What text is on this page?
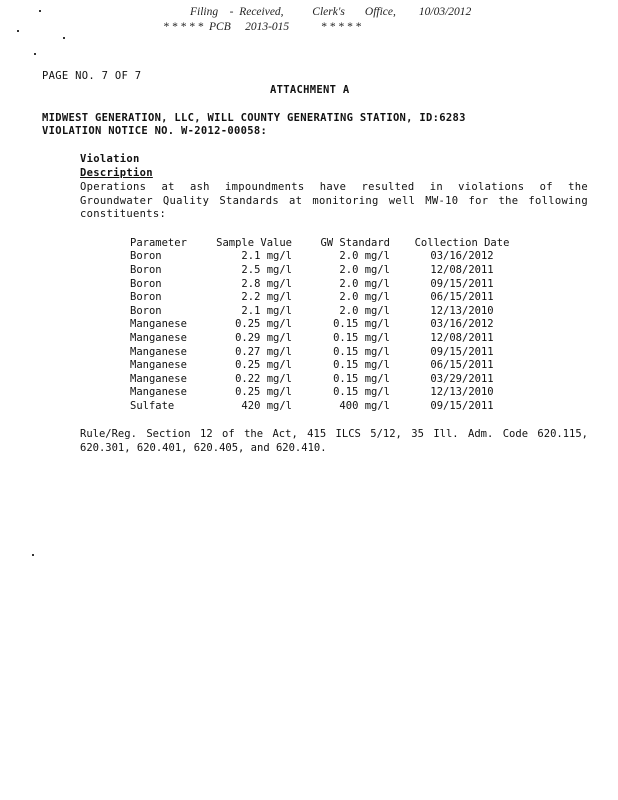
Filing    -  Received,          Clerk's       Office,        10/03/2012
* * * * *  PCB     2013-015           * * * * *
PAGE NO. 7 OF 7
ATTACHMENT A
MIDWEST GENERATION, LLC, WILL COUNTY GENERATING STATION, ID:6283
VIOLATION NOTICE NO. W-2012-00058:
Violation
Description
Operations at ash impoundments have resulted in violations of the Groundwater Quality Standards at monitoring well MW-10 for the following constituents:
Parameter	Sample Value	GW Standard	Collection Date
Boron	2.1 mg/l	2.0 mg/l	03/16/2012
Boron	2.5 mg/l	2.0 mg/l	12/08/2011
Boron	2.8 mg/l	2.0 mg/l	09/15/2011
Boron	2.2 mg/l	2.0 mg/l	06/15/2011
Boron	2.1 mg/l	2.0 mg/l	12/13/2010
Manganese	0.25 mg/l	0.15 mg/l	03/16/2012
Manganese	0.29 mg/l	0.15 mg/l	12/08/2011
Manganese	0.27 mg/l	0.15 mg/l	09/15/2011
Manganese	0.25 mg/l	0.15 mg/l	06/15/2011
Manganese	0.22 mg/l	0.15 mg/l	03/29/2011
Manganese	0.25 mg/l	0.15 mg/l	12/13/2010
Sulfate	420 mg/l	400 mg/l	09/15/2011
Rule/Reg. Section 12 of the Act, 415 ILCS 5/12, 35 Ill. Adm. Code 620.115, 620.301, 620.401, 620.405, and 620.410.
